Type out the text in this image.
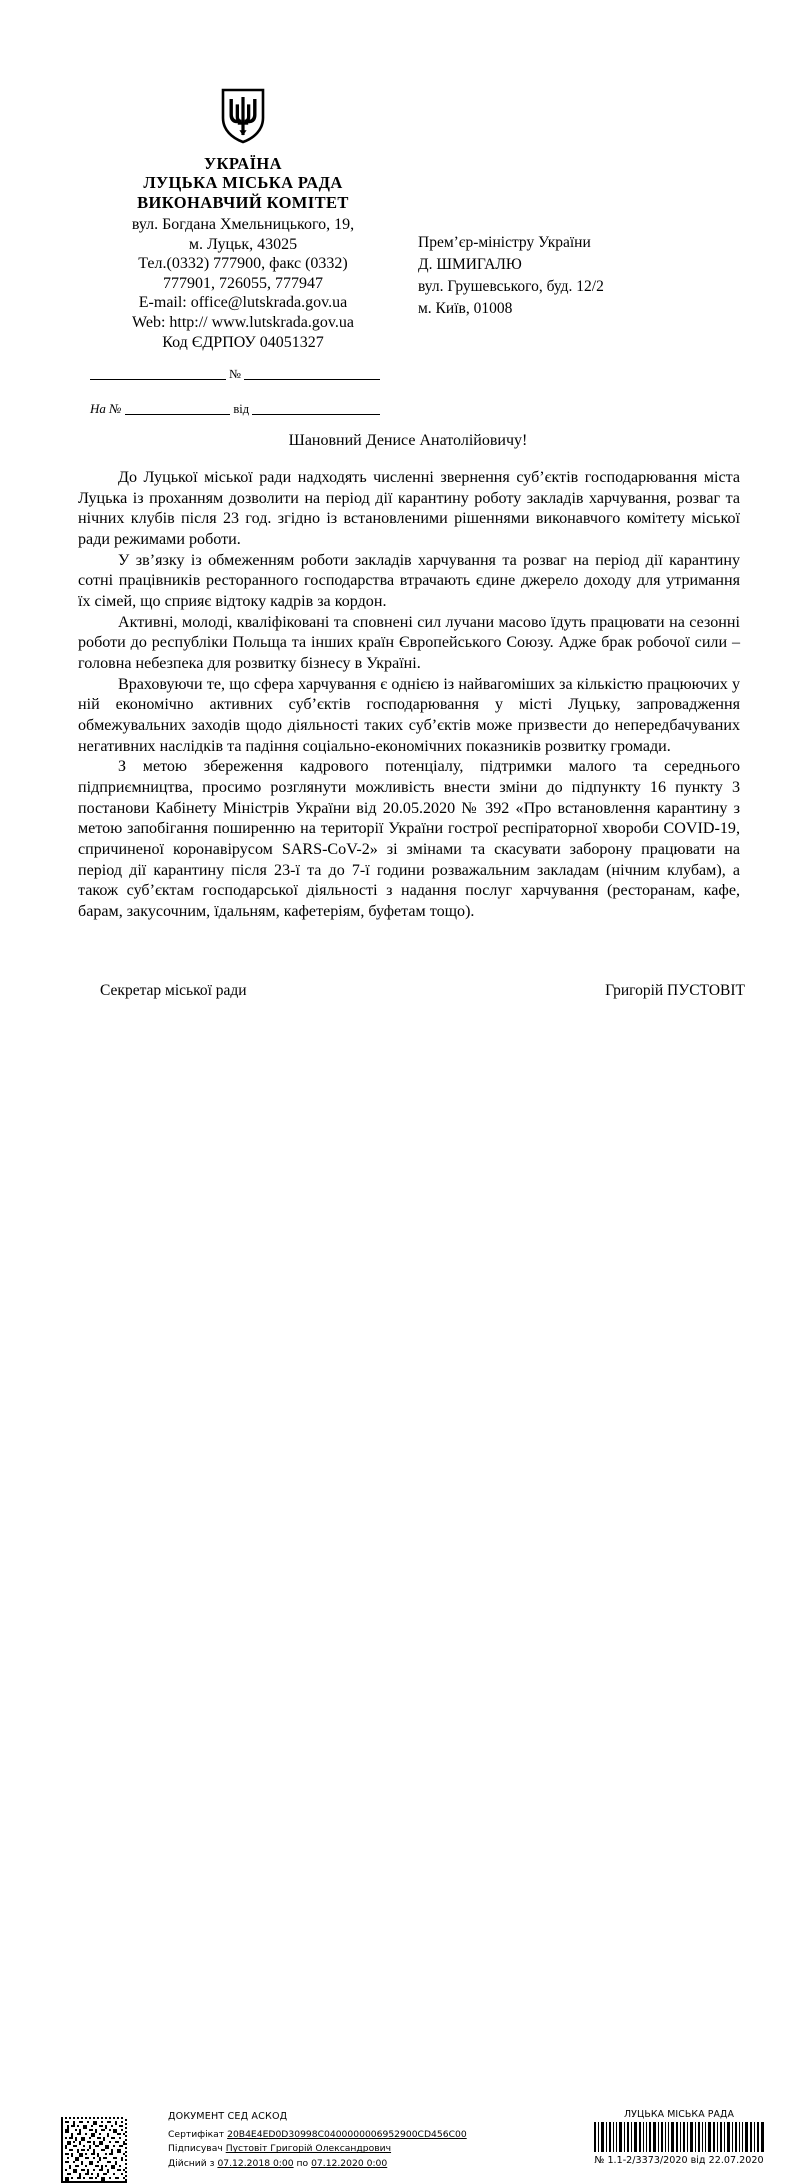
УКРАЇНА
ЛУЦЬКА МІСЬКА РАДА
ВИКОНАВЧИЙ КОМІТЕТ
вул. Богдана Хмельницького, 19,
м. Луцьк, 43025
Тел.(0332) 777900, факс (0332)
777901, 726055, 777947
E-mail: office@lutskrada.gov.ua
Web: http:// www.lutskrada.gov.ua
Код ЄДРПОУ 04051327
№
На №	від
Прем’єр-міністру України
Д. ШМИГАЛЮ
вул. Грушевського, буд. 12/2
м. Київ, 01008
Шановний Денисе Анатолійовичу!

До Луцької міської ради надходять численні звернення суб’єктів господарювання міста Луцька із проханням дозволити на період дії карантину роботу закладів харчування, розваг та нічних клубів після 23 год. згідно із встановленими рішеннями виконавчого комітету міської ради режимами роботи.

У зв’язку із обмеженням роботи закладів харчування та розваг на період дії карантину сотні працівників ресторанного господарства втрачають єдине джерело доходу для утримання їх сімей, що сприяє відтоку кадрів за кордон.

Активні, молоді, кваліфіковані та сповнені сил лучани масово їдуть працювати на сезонні роботи до республіки Польща та інших країн Європейського Союзу. Адже брак робочої сили – головна небезпека для розвитку бізнесу в Україні.

Враховуючи те, що сфера харчування є однією із найвагоміших за кількістю працюючих у ній економічно активних суб’єктів господарювання у місті Луцьку, запровадження обмежувальних заходів щодо діяльності таких суб’єктів може призвести до непередбачуваних негативних наслідків та падіння соціально-економічних показників розвитку громади.

З метою збереження кадрового потенціалу, підтримки малого та середнього підприємництва, просимо розглянути можливість внести зміни до підпункту 16 пункту 3 постанови Кабінету Міністрів України від 20.05.2020 № 392 «Про встановлення карантину з метою запобігання поширенню на території України гострої респіраторної хвороби COVID-19, спричиненої коронавірусом SARS-CoV-2» зі змінами та скасувати заборону працювати на період дії карантину після 23-ї та до 7-ї години розважальним закладам (нічним клубам), а також суб’єктам господарської діяльності з надання послуг харчування (ресторанам, кафе, барам, закусочним, їдальням, кафетеріям, буфетам тощо).

Секретар міської ради	Григорій ПУСТОВІТ
ДОКУМЕНТ СЕД АСКОД
Сертифікат 20B4E4ED0D30998C0400000006952900CD456C00
Підписувач Пустовіт Григорій Олександрович
Дійсний з 07.12.2018 0:00 по 07.12.2020 0:00
ЛУЦЬКА МІСЬКА РАДА
№ 1.1-2/3373/2020 від 22.07.2020
